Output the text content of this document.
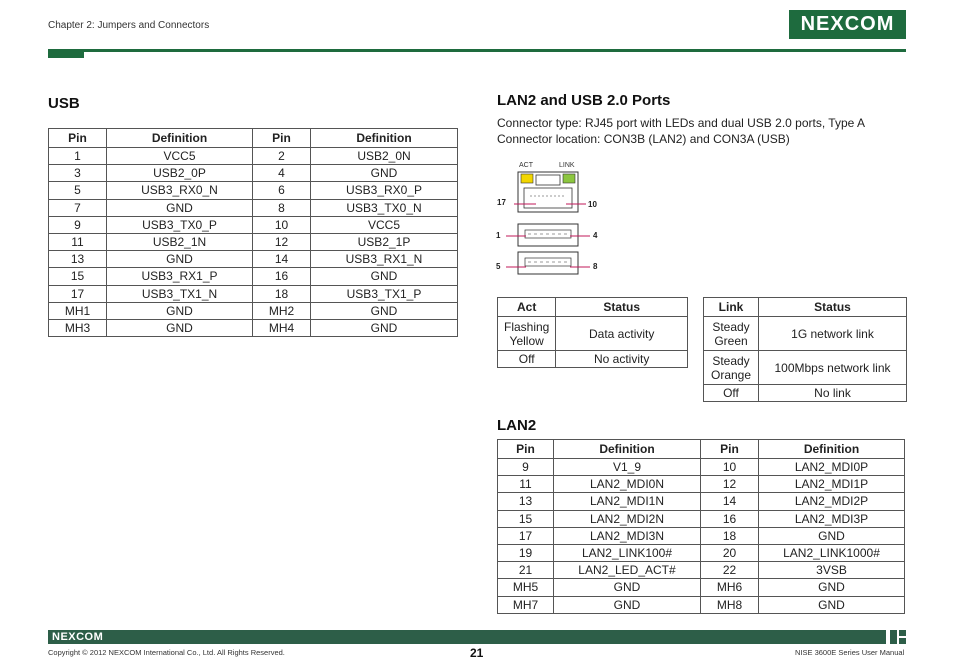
Chapter 2: Jumpers and Connectors	NEXCOM
USB
Pin	Definition	Pin	Definition
1	VCC5	2	USB2_0N
3	USB2_0P	4	GND
5	USB3_RX0_N	6	USB3_RX0_P
7	GND	8	USB3_TX0_N
9	USB3_TX0_P	10	VCC5
11	USB2_1N	12	USB2_1P
13	GND	14	USB3_RX1_N
15	USB3_RX1_P	16	GND
17	USB3_TX1_N	18	USB3_TX1_P
MH1	GND	MH2	GND
MH3	GND	MH4	GND
LAN2 and USB 2.0 Ports
Connector type: RJ45 port with LEDs and dual USB 2.0 ports, Type A
Connector location: CON3B (LAN2) and CON3A (USB)
ACT	LINK
17	10
1	4
5	8
Act	Status
Flashing Yellow	Data activity
Off	No activity
Link	Status
Steady Green	1G network link
Steady Orange	100Mbps network link
Off	No link
LAN2
Pin	Definition	Pin	Definition
9	V1_9	10	LAN2_MDI0P
11	LAN2_MDI0N	12	LAN2_MDI1P
13	LAN2_MDI1N	14	LAN2_MDI2P
15	LAN2_MDI2N	16	LAN2_MDI3P
17	LAN2_MDI3N	18	GND
19	LAN2_LINK100#	20	LAN2_LINK1000#
21	LAN2_LED_ACT#	22	3VSB
MH5	GND	MH6	GND
MH7	GND	MH8	GND
NEXCOM
Copyright © 2012 NEXCOM International Co., Ltd. All Rights Reserved.	21	NISE 3600E Series User Manual
